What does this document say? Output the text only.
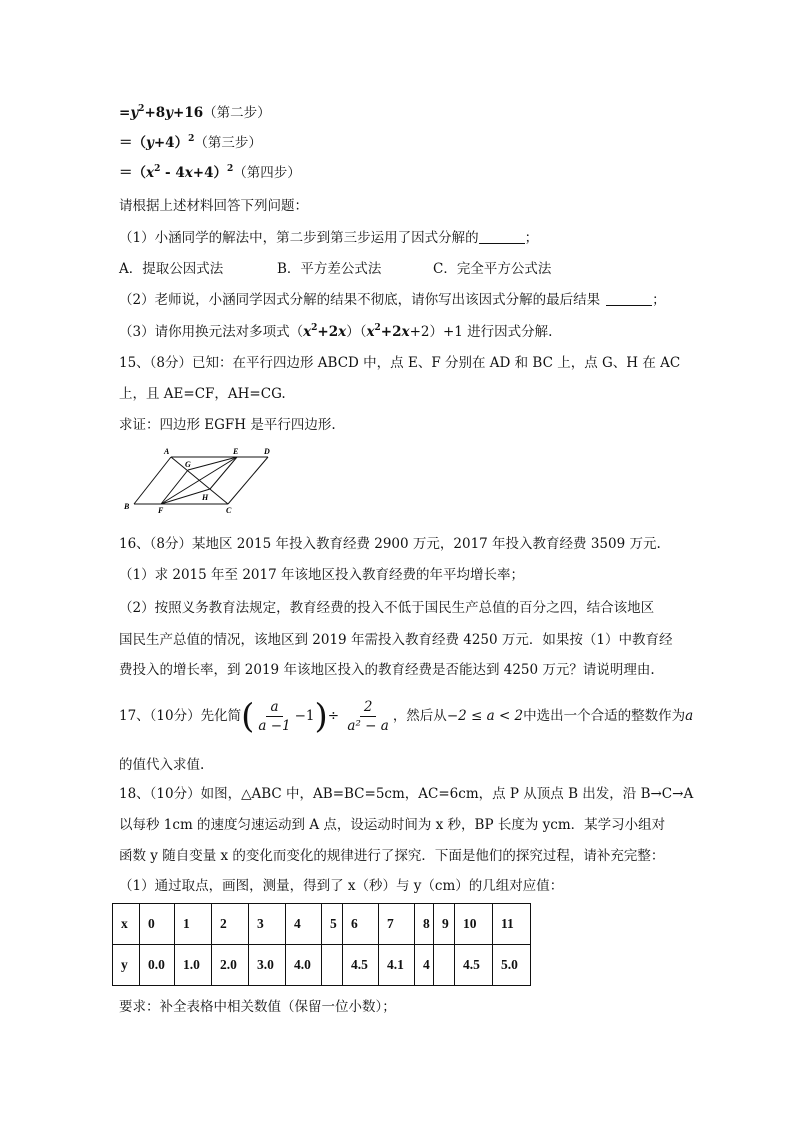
$=y^2+8y+16$（第二步）
$=(y+4)^2$（第三步）
$=(x^2 - 4x+4)^2$（第四步）
请根据上述材料回答下列问题：
（1）小涵同学的解法中，第二步到第三步运用了因式分解的	；
A．提取公因式法	B．平方差公式法	C．完全平方公式法
（2）老师说，小涵同学因式分解的结果不彻底，请你写出该因式分解的最后结果	；
（3）请你用换元法对多项式$(x^2+2x)(x^2+2x+2)+1$ 进行因式分解.
15、（8分）已知：在平行四边形 ABCD 中，点 E、F 分别在 AD 和 BC 上，点 G、H 在 AC
上，且 AE=CF，AH=CG.
求证：四边形 EGFH 是平行四边形.
A	E	D
G
H
B	F	C
16、（8分）某地区 2015 年投入教育经费 2900 万元，2017 年投入教育经费 3509 万元.
（1）求 2015 年至 2017 年该地区投入教育经费的年平均增长率；
（2）按照义务教育法规定，教育经费的投入不低于国民生产总值的百分之四，结合该地区
国民生产总值的情况，该地区到 2019 年需投入教育经费 4250 万元．如果按（1）中教育经
费投入的增长率，到 2019 年该地区投入的教育经费是否能达到 4250 万元？请说明理由.
17、（10分）先化简( $\frac{a}{a -1} -1)\div \frac{2}{\text{a² − a}}$ ，然后从−2 ≤ a < 2中选出一个合适的整数作为a
的值代入求值.
18、（10分）如图，△ABC 中，AB=BC=5cm，AC=6cm，点 P 从顶点 B 出发，沿 B→C→A
以每秒 1cm 的速度匀速运动到 A 点，设运动时间为 x 秒，BP 长度为 ycm．某学习小组对
函数 y 随自变量 x 的变化而变化的规律进行了探究．下面是他们的探究过程，请补充完整：
（1）通过取点，画图，测量，得到了 x（秒）与 y（cm）的几组对应值：
x	0	1	2	3	4	5	6	7	8	9	10	11
y	0.0	1.0	2.0	3.0	4.0		4.5	4.1	4		4.5	5.0
要求：补全表格中相关数值（保留一位小数）；
